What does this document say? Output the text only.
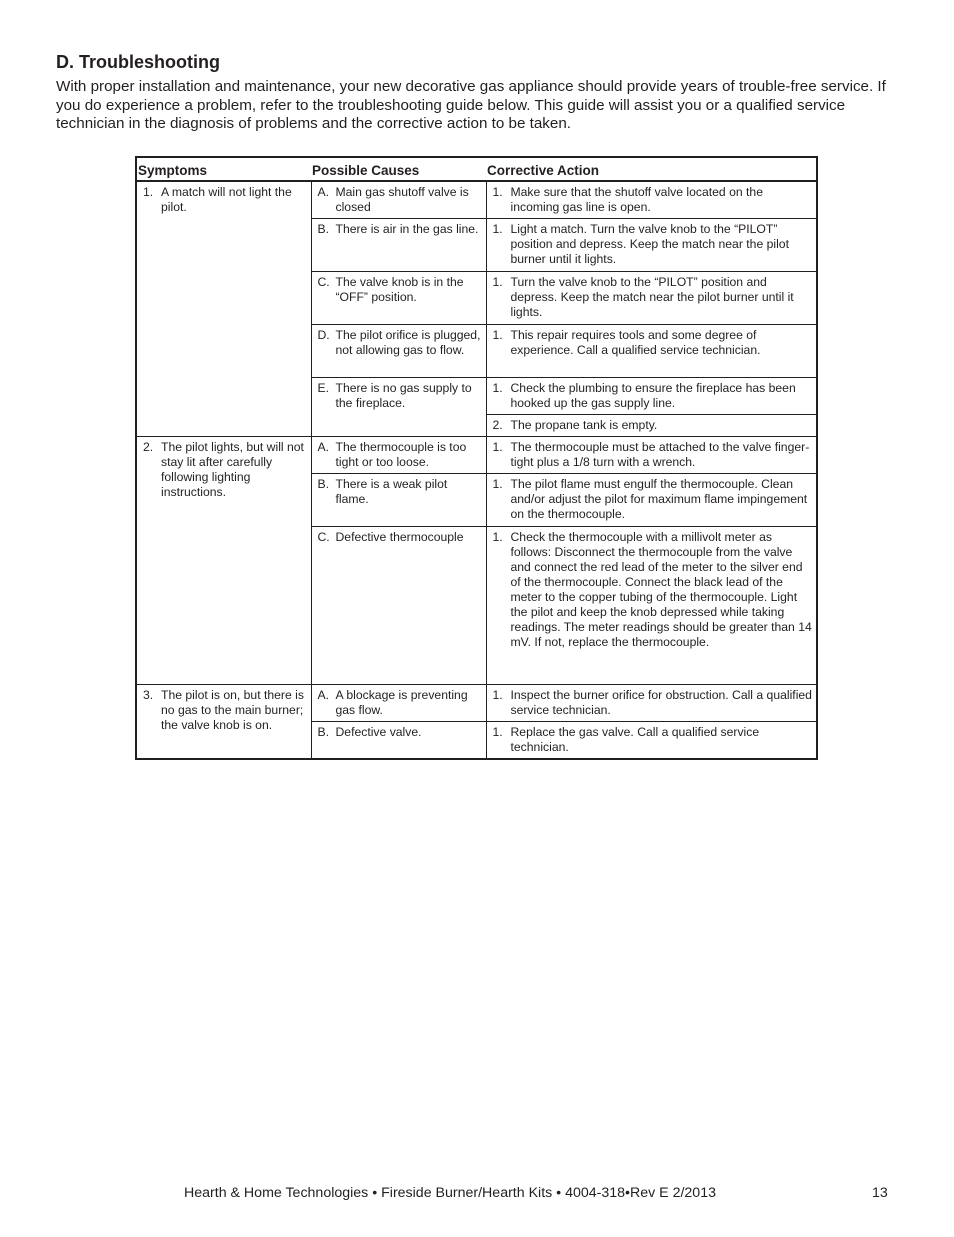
D. Troubleshooting

With proper installation and maintenance, your new decorative gas appliance should provide years of trouble-free service. If you do experience a problem, refer to the troubleshooting guide below. This guide will assist you or a qualified service technician in the diagnosis of problems and the corrective action to be taken.

Symptoms	Possible Causes	Corrective Action

1. A match will not light the pilot.	A. Main gas shutoff valve is closed	1. Make sure that the shutoff valve located on the incoming gas line is open.

	B. There is air in the gas line.	1. Light a match. Turn the valve knob to the “PILOT” position and depress. Keep the match near the pilot burner until it lights.

	C. The valve knob is in the “OFF” position.	1. Turn the valve knob to the “PILOT” position and depress. Keep the match near the pilot burner until it lights.

	D. The pilot orifice is plugged, not allowing gas to flow.	1. This repair requires tools and some degree of experience. Call a qualified service technician.

	E. There is no gas supply to the fireplace.	1. Check the plumbing to ensure the fireplace has been hooked up the gas supply line.

		2. The propane tank is empty.

2. The pilot lights, but will not stay lit after carefully following lighting instructions.	A. The thermocouple is too tight or too loose.	1. The thermocouple must be attached to the valve finger-tight plus a 1/8 turn with a wrench.

	B. There is a weak pilot flame.	1. The pilot flame must engulf the thermocouple. Clean and/or adjust the pilot for maximum flame impingement on the thermocouple.

	C. Defective thermocouple	1. Check the thermocouple with a millivolt meter as follows: Disconnect the thermocouple from the valve and connect the red lead of the meter to the silver end of the thermocouple. Connect the black lead of the meter to the copper tubing of the thermocouple. Light the pilot and keep the knob depressed while taking readings. The meter readings should be greater than 14 mV. If not, replace the thermocouple.

3. The pilot is on, but there is no gas to the main burner; the valve knob is on.	A. A blockage is preventing gas flow.	1. Inspect the burner orifice for obstruction. Call a qualified service technician.

	B. Defective valve.	1. Replace the gas valve. Call a qualified service technician.

Hearth & Home Technologies • Fireside Burner/Hearth Kits • 4004-318•Rev E 2/2013	13
